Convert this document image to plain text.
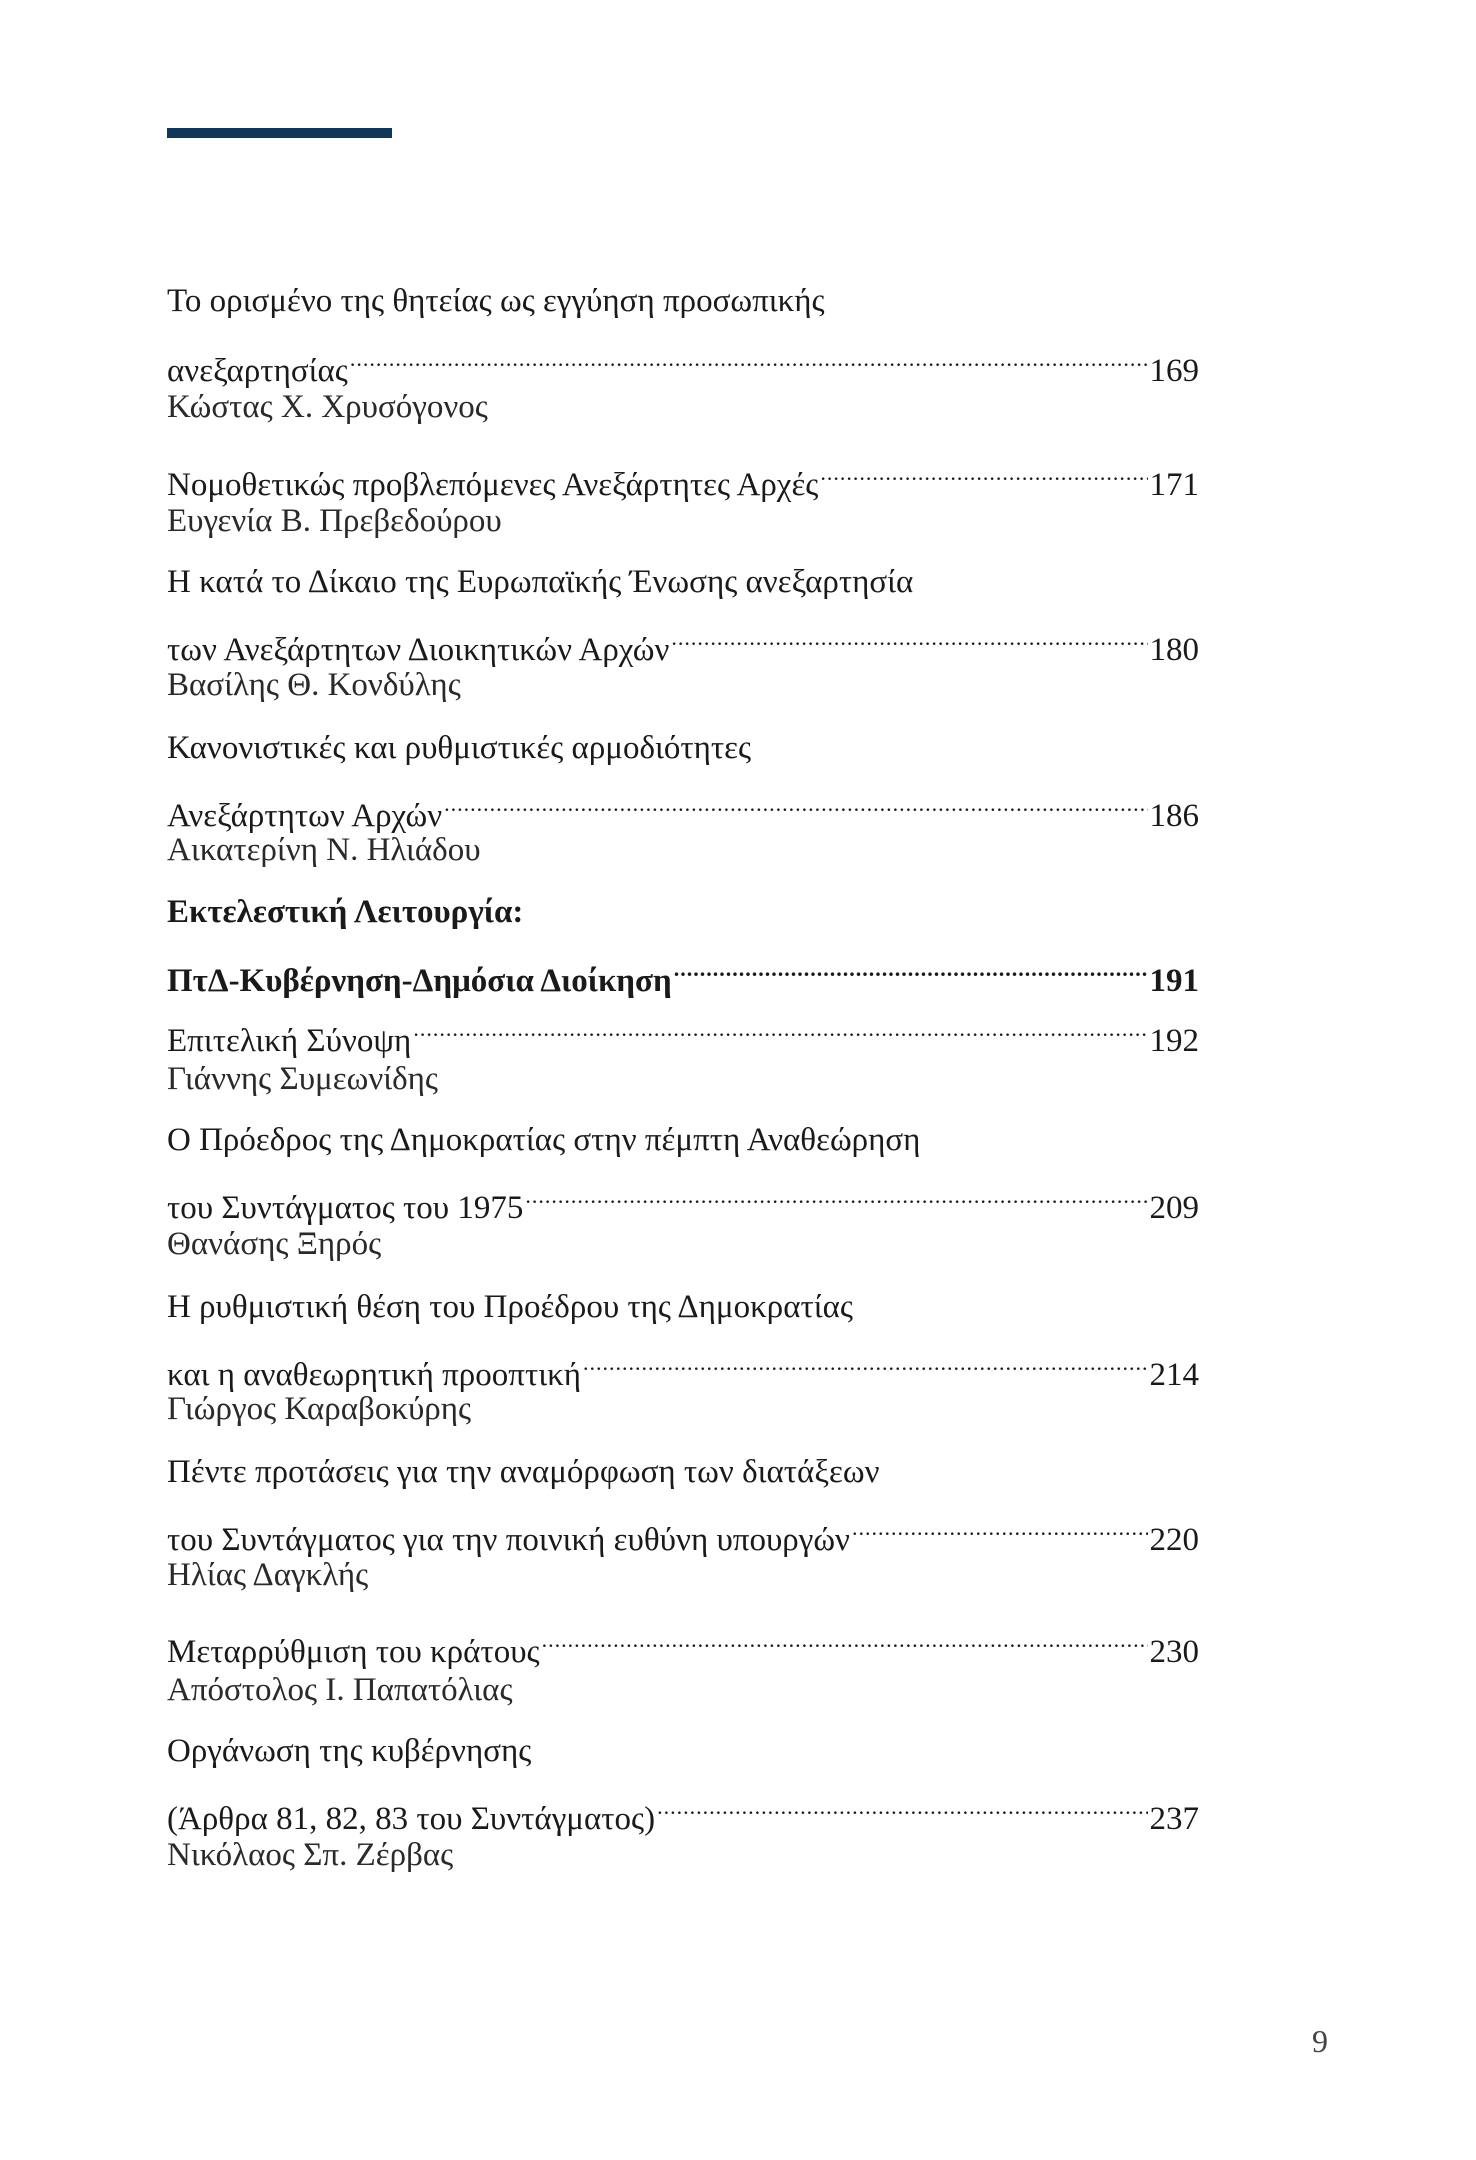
Το ορισμένο της θητείας ως εγγύηση προσωπικής
ανεξαρτησίας .....	169
Κώστας Χ. Χρυσόγονος
Νομοθετικώς προβλεπόμενες Ανεξάρτητες Αρχές .....	171
Ευγενία Β. Πρεβεδούρου
Η κατά το Δίκαιο της Ευρωπαϊκής Ένωσης ανεξαρτησία
των Ανεξάρτητων Διοικητικών Αρχών .....	180
Βασίλης Θ. Κονδύλης
Κανονιστικές και ρυθμιστικές αρμοδιότητες
Ανεξάρτητων Αρχών .....	186
Αικατερίνη Ν. Ηλιάδου
Εκτελεστική Λειτουργία:
ΠτΔ-Κυβέρνηση-Δημόσια Διοίκηση .....	191
Επιτελική Σύνοψη .....	192
Γιάννης Συμεωνίδης
Ο Πρόεδρος της Δημοκρατίας στην πέμπτη Αναθεώρηση
του Συντάγματος του 1975 .....	209
Θανάσης Ξηρός
Η ρυθμιστική θέση του Προέδρου της Δημοκρατίας
και η αναθεωρητική προοπτική .....	214
Γιώργος Καραβοκύρης
Πέντε προτάσεις για την αναμόρφωση των διατάξεων
του Συντάγματος για την ποινική ευθύνη υπουργών .....	220
Ηλίας Δαγκλής
Μεταρρύθμιση του κράτους .....	230
Απόστολος Ι. Παπατόλιας
Οργάνωση της κυβέρνησης
(Άρθρα 81, 82, 83 του Συντάγματος) .....	237
Νικόλαος Σπ. Ζέρβας
9
